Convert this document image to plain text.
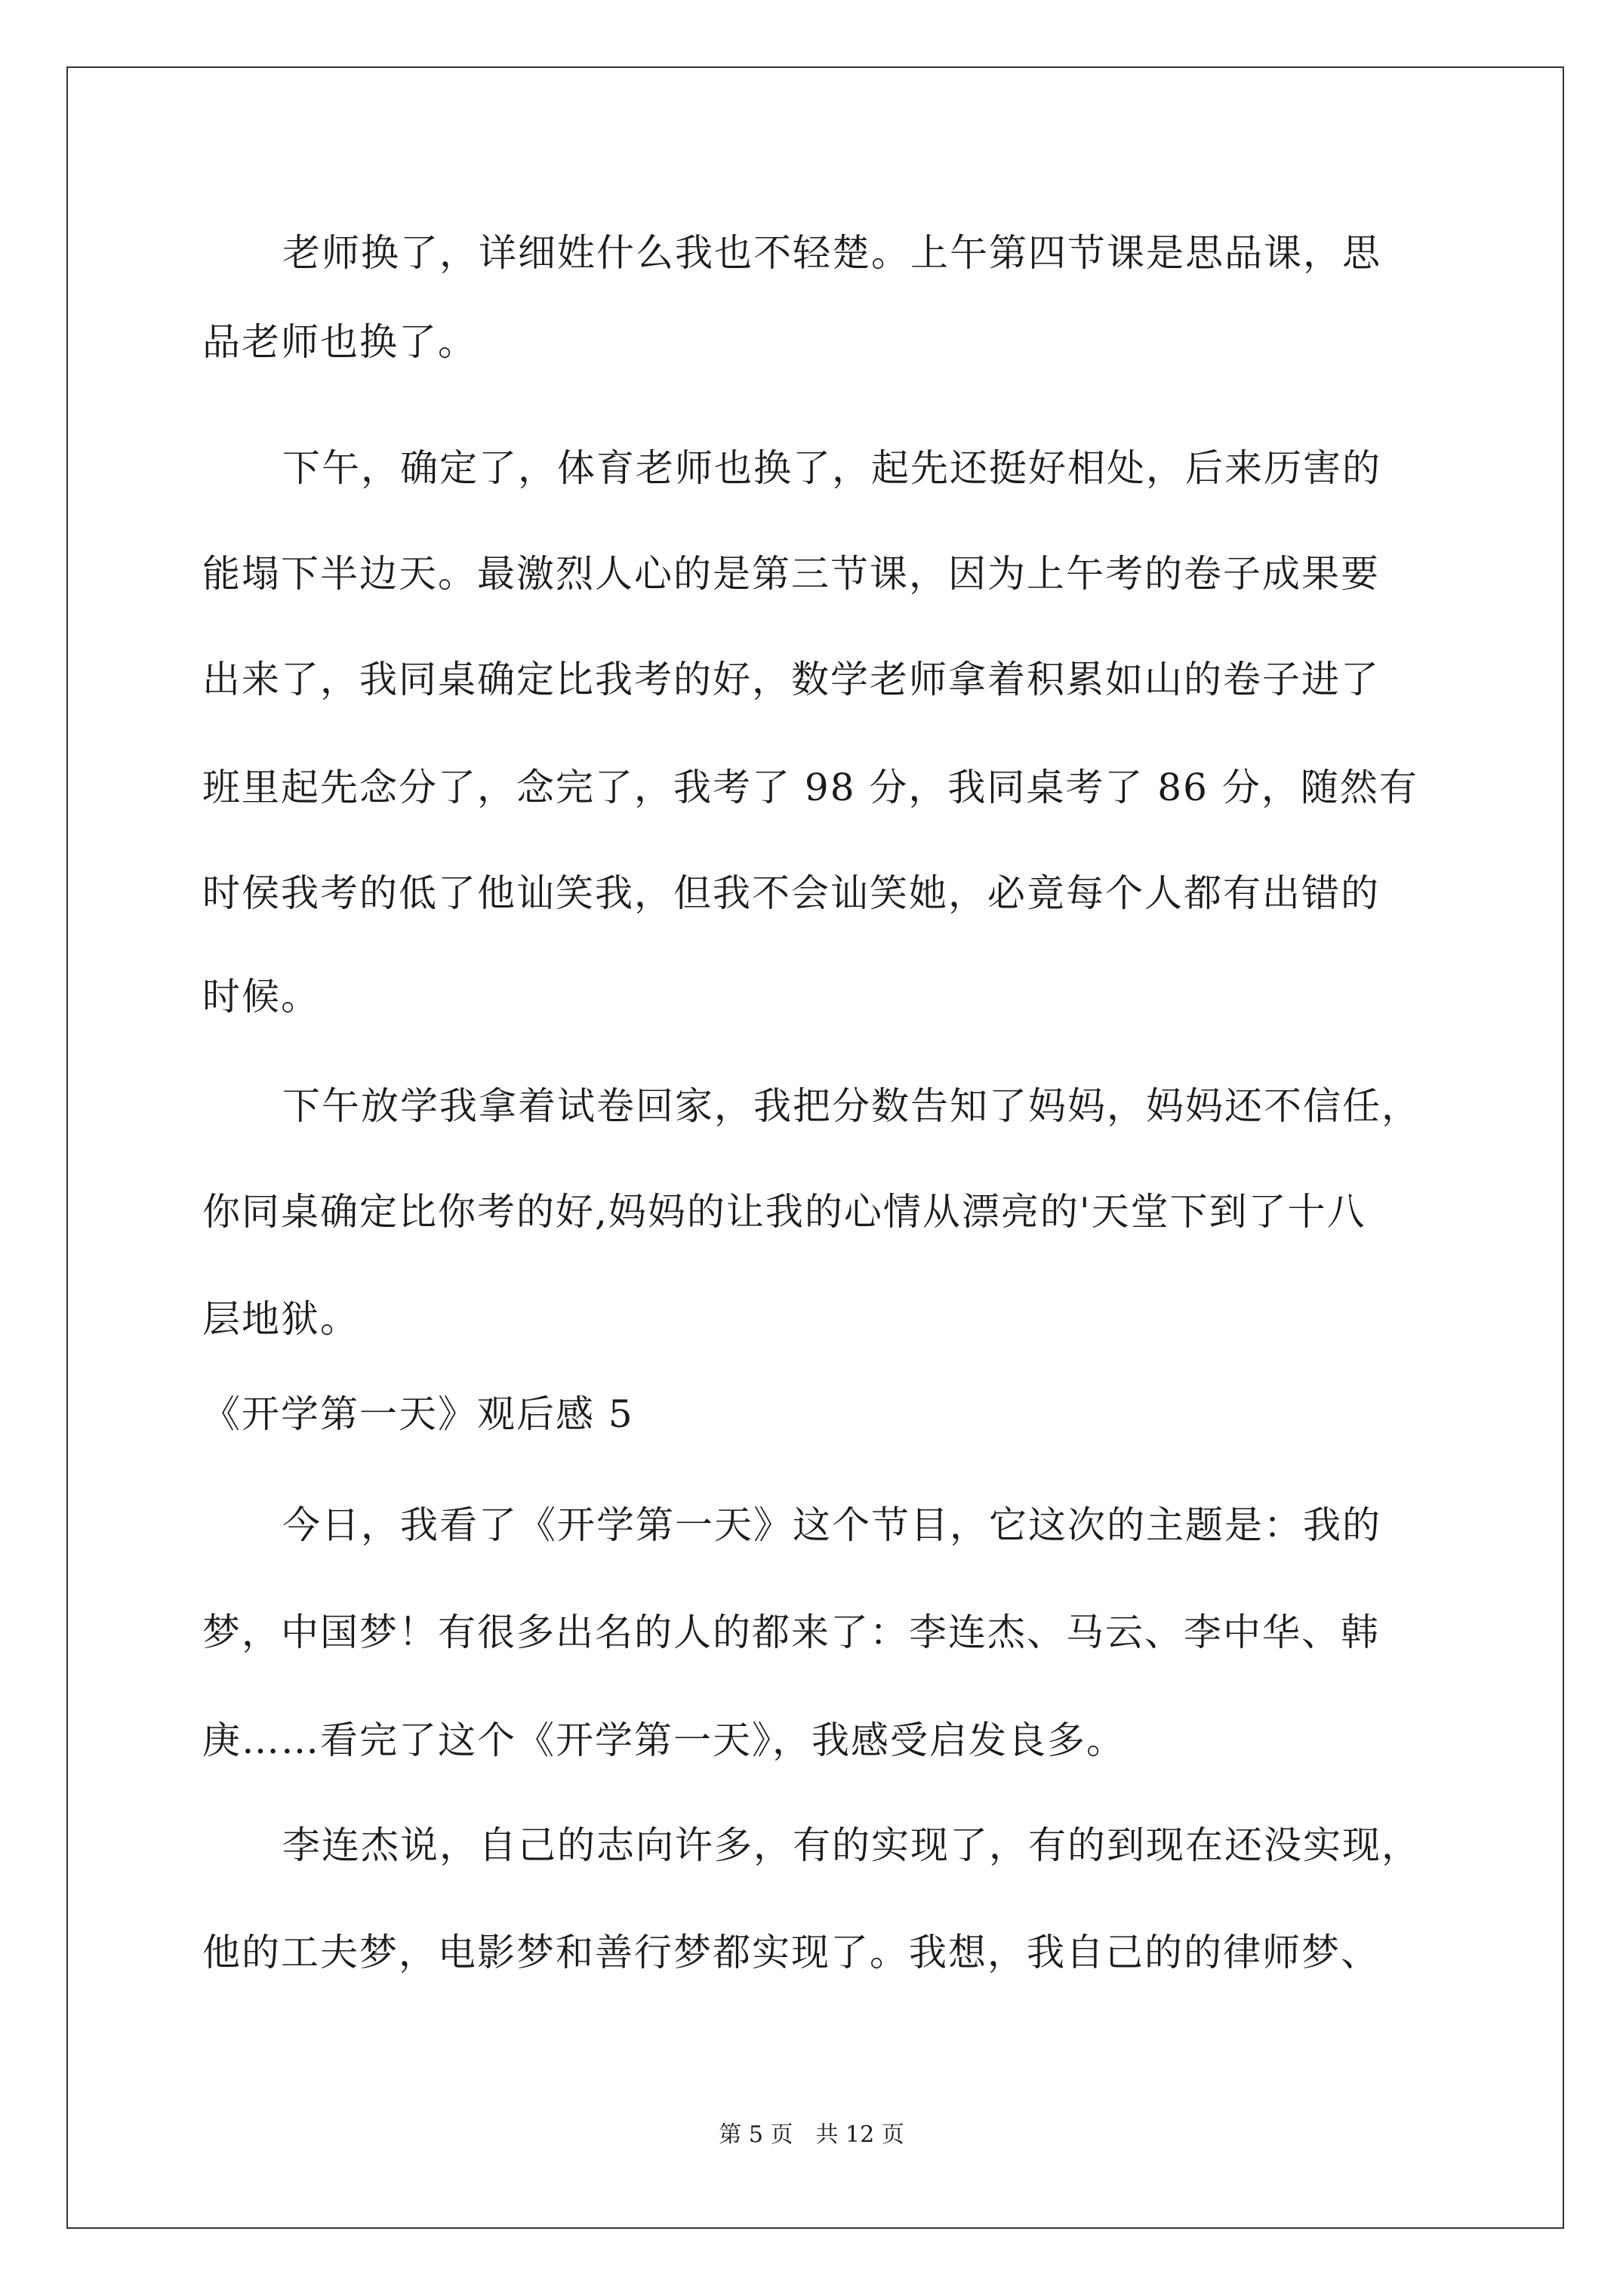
老师换了，详细姓什么我也不轻楚。上午第四节课是思品课，思
品老师也换了。
下午，确定了，体育老师也换了，起先还挺好相处，后来历害的
能塌下半边天。最激烈人心的是第三节课，因为上午考的卷子成果要
出来了，我同桌确定比我考的好，数学老师拿着积累如山的卷子进了
班里起先念分了，念完了，我考了 98 分，我同桌考了 86 分，随然有
时侯我考的低了他讪笑我，但我不会讪笑她，必竟每个人都有出错的
时候。
下午放学我拿着试卷回家，我把分数告知了妈妈，妈妈还不信任，
你同桌确定比你考的好,妈妈的让我的心情从漂亮的'天堂下到了十八
层地狱。
《开学第一天》观后感 5
今日，我看了《开学第一天》这个节目，它这次的主题是：我的
梦，中国梦！有很多出名的人的都来了：李连杰、马云、李中华、韩
庚……看完了这个《开学第一天》，我感受启发良多。
李连杰说，自己的志向许多，有的实现了，有的到现在还没实现，
他的工夫梦，电影梦和善行梦都实现了。我想，我自己的的律师梦、
第 5 页　共 12 页
